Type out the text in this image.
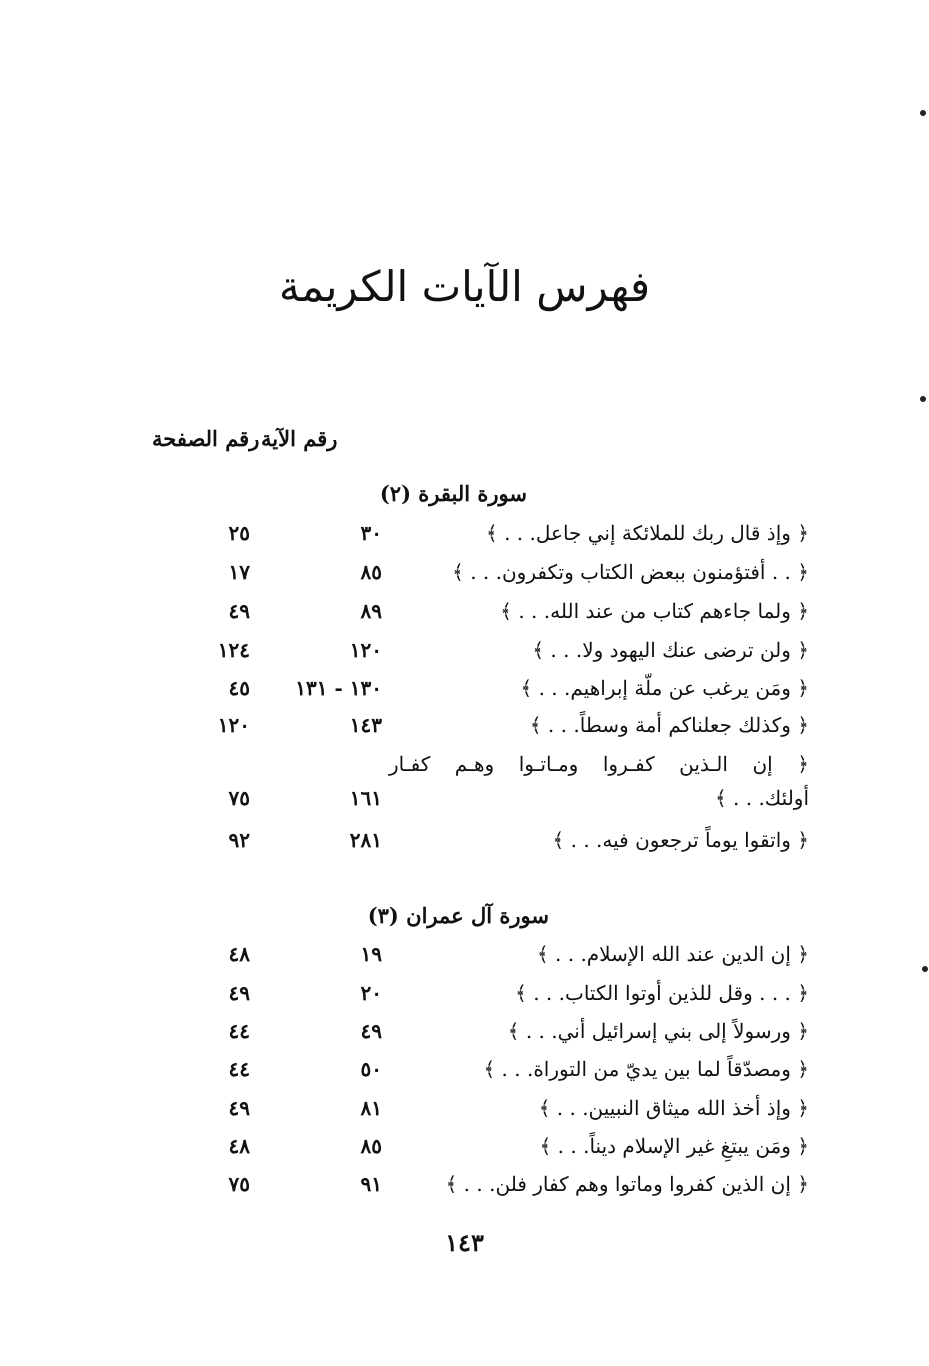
فهرس الآيات الكريمة
رقم الآية
رقم الصفحة
سورة البقرة (٢)
﴿ وإذ قال ربك للملائكة إني جاعل. . . ﴾
٣٠
٢٥
﴿ . . أفتؤمنون ببعض الكتاب وتكفرون. . . ﴾
٨٥
١٧
﴿ ولما جاءهم كتاب من عند الله. . . ﴾
٨٩
٤٩
﴿ ولن ترضى عنك اليهود ولا. . . ﴾
١٢٠
١٢٤
﴿ ومَن يرغب عن ملّة إبراهيم. . . ﴾
١٣٠ - ١٣١
٤٥
﴿ وكذلك جعلناكم أمة وسطاً. . . ﴾
١٤٣
١٢٠
﴿ إن الـذين كفـروا ومـاتـوا وهـم كفـار
أولئك. . . ﴾
١٦١
٧٥
﴿ واتقوا يوماً ترجعون فيه. . . ﴾
٢٨١
٩٢
سورة آل عمران (٣)
﴿ إن الدين عند الله الإسلام. . . ﴾
١٩
٤٨
﴿ . . . وقل للذين أوتوا الكتاب. . . ﴾
٢٠
٤٩
﴿ ورسولاً إلى بني إسرائيل أني. . . ﴾
٤٩
٤٤
﴿ ومصدّقاً لما بين يديّ من التوراة. . . ﴾
٥٠
٤٤
﴿ وإذ أخذ الله ميثاق النبيين. . . ﴾
٨١
٤٩
﴿ ومَن يبتغِ غير الإسلام ديناً. . . ﴾
٨٥
٤٨
﴿ إن الذين كفروا وماتوا وهم كفار فلن. . . ﴾
٩١
٧٥
١٤٣
